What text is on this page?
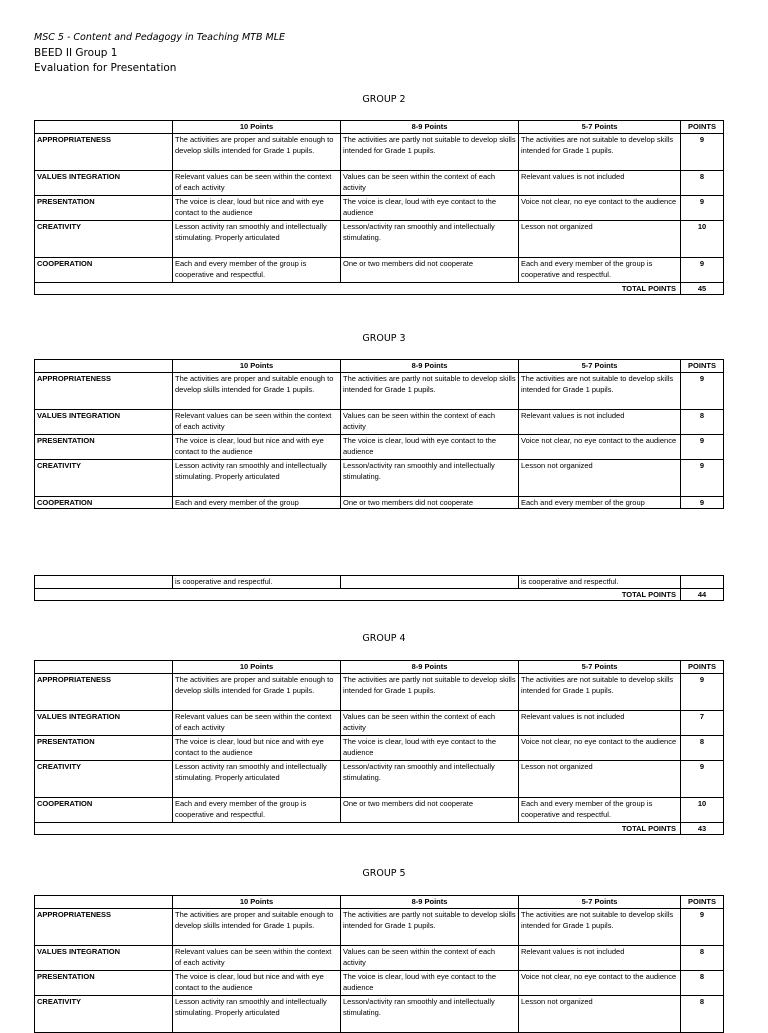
MSC 5 - Content and Pedagogy in Teaching MTB MLE
BEED II Group 1
Evaluation for Presentation
GROUP 2
	10 Points	8-9 Points	5-7 Points	POINTS
APPROPRIATENESS	The activities are proper and suitable enough to develop skills intended for Grade 1 pupils.	The activities are partly not suitable to develop skills intended for Grade 1 pupils.	The activities are not suitable to develop skills intended for Grade 1 pupils.	9
VALUES INTEGRATION	Relevant values can be seen within the context of each activity	Values can be seen within the context of each activity	Relevant values is not included	8
PRESENTATION	The voice is clear, loud but nice and with eye contact to the audience	The voice is clear, loud with eye contact to the audience	Voice not clear, no eye contact to the audience	9
CREATIVITY	Lesson activity ran smoothly and intellectually stimulating. Properly articulated	Lesson/activity ran smoothly and intellectually stimulating.	Lesson not organized	10
COOPERATION	Each and every member of the group is cooperative and respectful.	One or two members did not cooperate	Each and every member of the group is cooperative and respectful.	9
TOTAL POINTS				45
GROUP 3
	10 Points	8-9 Points	5-7 Points	POINTS
APPROPRIATENESS	The activities are proper and suitable enough to develop skills intended for Grade 1 pupils.	The activities are partly not suitable to develop skills intended for Grade 1 pupils.	The activities are not suitable to develop skills intended for Grade 1 pupils.	9
VALUES INTEGRATION	Relevant values can be seen within the context of each activity	Values can be seen within the context of each activity	Relevant values is not included	8
PRESENTATION	The voice is clear, loud but nice and with eye contact to the audience	The voice is clear, loud with eye contact to the audience	Voice not clear, no eye contact to the audience	9
CREATIVITY	Lesson activity ran smoothly and intellectually stimulating. Properly articulated	Lesson/activity ran smoothly and intellectually stimulating.	Lesson not organized	9
COOPERATION	Each and every member of the group	One or two members did not cooperate	Each and every member of the group	9
	is cooperative and respectful.		is cooperative and respectful.	
TOTAL POINTS				44
GROUP 4
	10 Points	8-9 Points	5-7 Points	POINTS
APPROPRIATENESS	The activities are proper and suitable enough to develop skills intended for Grade 1 pupils.	The activities are partly not suitable to develop skills intended for Grade 1 pupils.	The activities are not suitable to develop skills intended for Grade 1 pupils.	9
VALUES INTEGRATION	Relevant values can be seen within the context of each activity	Values can be seen within the context of each activity	Relevant values is not included	7
PRESENTATION	The voice is clear, loud but nice and with eye contact to the audience	The voice is clear, loud with eye contact to the audience	Voice not clear, no eye contact to the audience	8
CREATIVITY	Lesson activity ran smoothly and intellectually stimulating. Properly articulated	Lesson/activity ran smoothly and intellectually stimulating.	Lesson not organized	9
COOPERATION	Each and every member of the group is cooperative and respectful.	One or two members did not cooperate	Each and every member of the group is cooperative and respectful.	10
TOTAL POINTS				43
GROUP 5
	10 Points	8-9 Points	5-7 Points	POINTS
APPROPRIATENESS	The activities are proper and suitable enough to develop skills intended for Grade 1 pupils.	The activities are partly not suitable to develop skills intended for Grade 1 pupils.	The activities are not suitable to develop skills intended for Grade 1 pupils.	9
VALUES INTEGRATION	Relevant values can be seen within the context of each activity	Values can be seen within the context of each activity	Relevant values is not included	8
PRESENTATION	The voice is clear, loud but nice and with eye contact to the audience	The voice is clear, loud with eye contact to the audience	Voice not clear, no eye contact to the audience	8
CREATIVITY	Lesson activity ran smoothly and intellectually stimulating. Properly articulated	Lesson/activity ran smoothly and intellectually stimulating.	Lesson not organized	8
